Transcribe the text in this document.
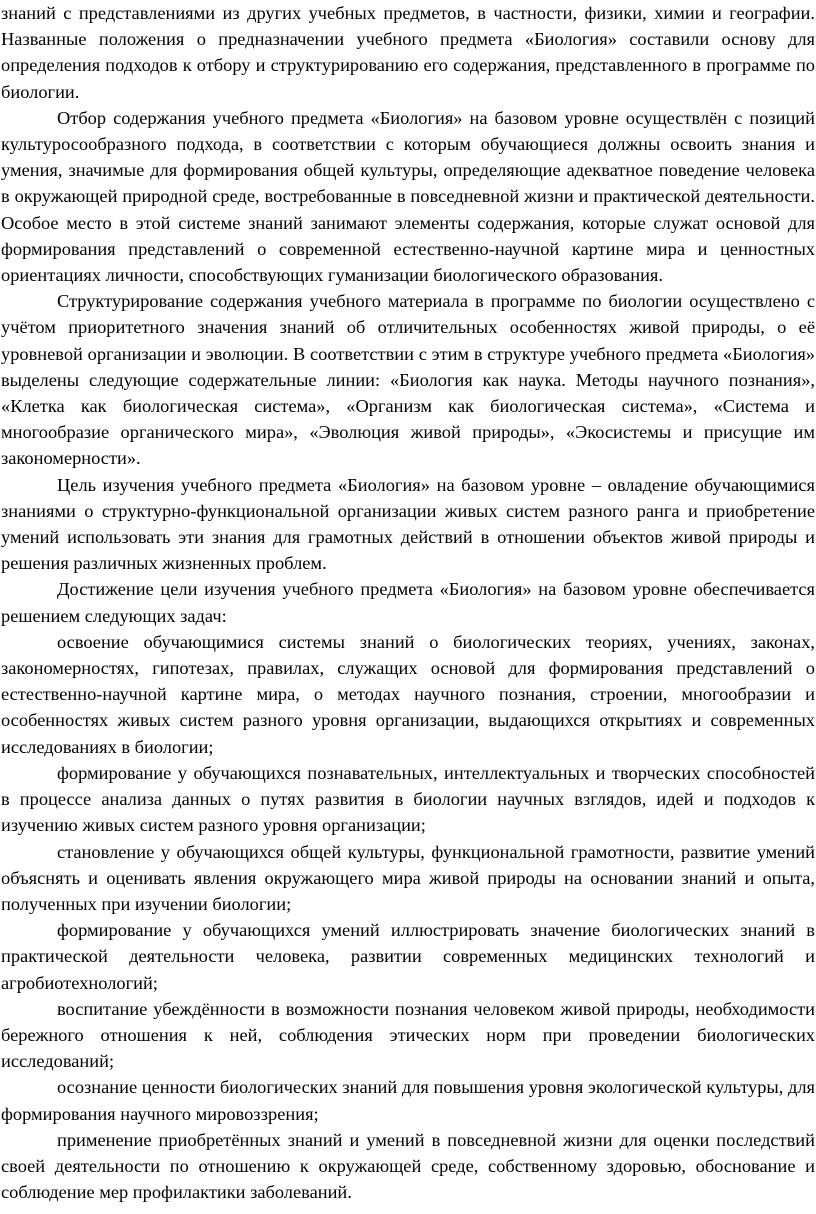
знаний с представлениями из других учебных предметов, в частности, физики, химии и географии. Названные положения о предназначении учебного предмета «Биология» составили основу для определения подходов к отбору и структурированию его содержания, представленного в программе по биологии.

Отбор содержания учебного предмета «Биология» на базовом уровне осуществлён с позиций культуросообразного подхода, в соответствии с которым обучающиеся должны освоить знания и умения, значимые для формирования общей культуры, определяющие адекватное поведение человека в окружающей природной среде, востребованные в повседневной жизни и практической деятельности. Особое место в этой системе знаний занимают элементы содержания, которые служат основой для формирования представлений о современной естественно-научной картине мира и ценностных ориентациях личности, способствующих гуманизации биологического образования.

Структурирование содержания учебного материала в программе по биологии осуществлено с учётом приоритетного значения знаний об отличительных особенностях живой природы, о её уровневой организации и эволюции. В соответствии с этим в структуре учебного предмета «Биология» выделены следующие содержательные линии: «Биология как наука. Методы научного познания», «Клетка как биологическая система», «Организм как биологическая система», «Система и многообразие органического мира», «Эволюция живой природы», «Экосистемы и присущие им закономерности».

Цель изучения учебного предмета «Биология» на базовом уровне – овладение обучающимися знаниями о структурно-функциональной организации живых систем разного ранга и приобретение умений использовать эти знания для грамотных действий в отношении объектов живой природы и решения различных жизненных проблем.

Достижение цели изучения учебного предмета «Биология» на базовом уровне обеспечивается решением следующих задач:

освоение обучающимися системы знаний о биологических теориях, учениях, законах, закономерностях, гипотезах, правилах, служащих основой для формирования представлений о естественно-научной картине мира, о методах научного познания, строении, многообразии и особенностях живых систем разного уровня организации, выдающихся открытиях и современных исследованиях в биологии;

формирование у обучающихся познавательных, интеллектуальных и творческих способностей в процессе анализа данных о путях развития в биологии научных взглядов, идей и подходов к изучению живых систем разного уровня организации;

становление у обучающихся общей культуры, функциональной грамотности, развитие умений объяснять и оценивать явления окружающего мира живой природы на основании знаний и опыта, полученных при изучении биологии;

формирование у обучающихся умений иллюстрировать значение биологических знаний в практической деятельности человека, развитии современных медицинских технологий и агробиотехнологий;

воспитание убеждённости в возможности познания человеком живой природы, необходимости бережного отношения к ней, соблюдения этических норм при проведении биологических исследований;

осознание ценности биологических знаний для повышения уровня экологической культуры, для формирования научного мировоззрения;

применение приобретённых знаний и умений в повседневной жизни для оценки последствий своей деятельности по отношению к окружающей среде, собственному здоровью, обоснование и соблюдение мер профилактики заболеваний.
